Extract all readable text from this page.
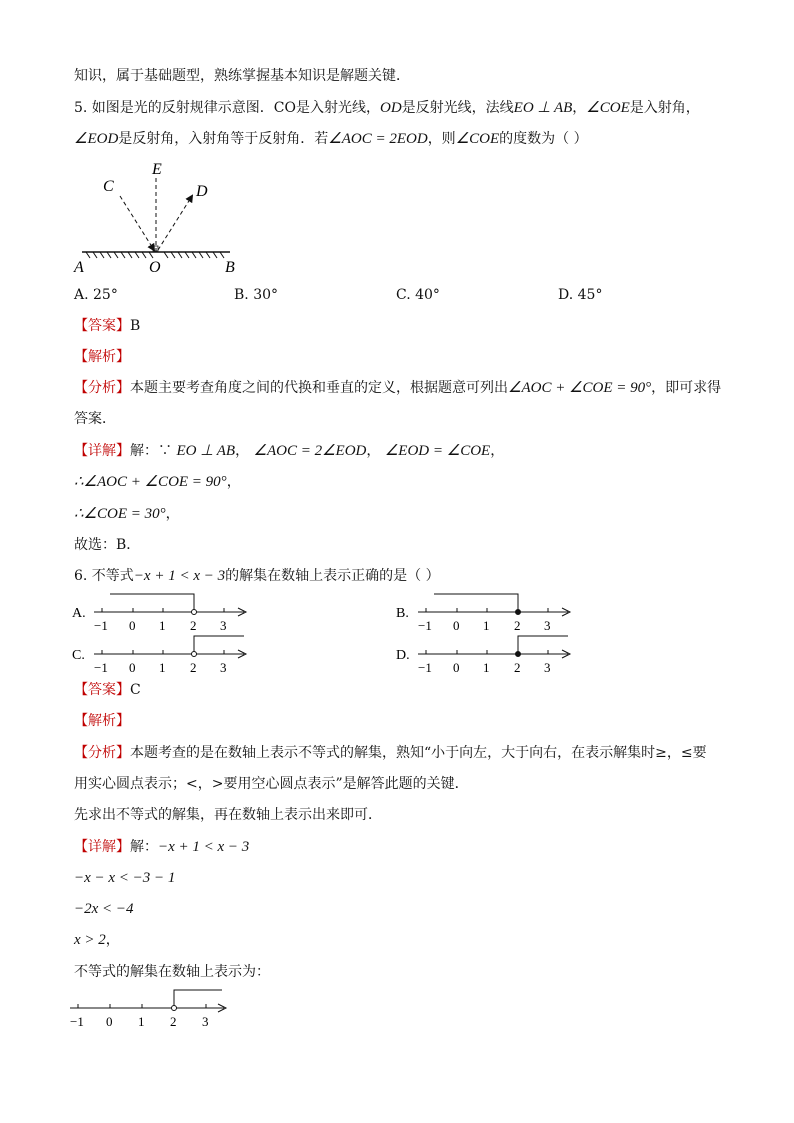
知识，属于基础题型，熟练掌握基本知识是解题关键．
5. 如图是光的反射规律示意图．CO是入射光线，OD是反射光线，法线EO ⊥ AB，∠COE是入射角，
∠EOD是反射角，入射角等于反射角．若∠AOC = 2EOD，则∠COE的度数为（ ）
C
E
D
A	O	B
A. 25°	B. 30°	C. 40°	D. 45°
【答案】B
【解析】
【分析】本题主要考查角度之间的代换和垂直的定义，根据题意可列出∠AOC + ∠COE = 90°，即可求得
答案．
【详解】解：∵ EO ⊥ AB， ∠AOC = 2∠EOD， ∠EOD = ∠COE，
∴∠AOC + ∠COE = 90°，
∴∠COE = 30°，
故选：B．
6. 不等式−x + 1 < x − 3的解集在数轴上表示正确的是（ ）
A.
−1 0 1 2 3
B.
−1 0 1 2 3
C.
−1 0 1 2 3
D.
−1 0 1 2 3
【答案】C
【解析】
【分析】本题考查的是在数轴上表示不等式的解集，熟知“小于向左，大于向右，在表示解集时≥，≤要
用实心圆点表示；<，>要用空心圆点表示”是解答此题的关键．
先求出不等式的解集，再在数轴上表示出来即可．
【详解】解：−x + 1 < x − 3
−x − x < −3 − 1
−2x < −4
x > 2，
不等式的解集在数轴上表示为：
−1 0 1 2 3
